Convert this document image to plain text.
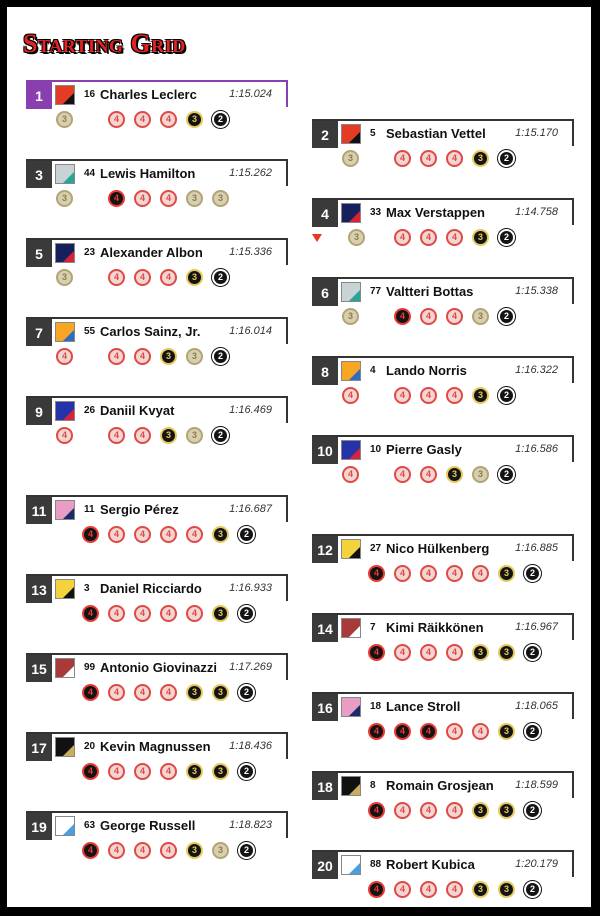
Starting Grid
1	16 Charles Leclerc	1:15.024
3	4	4	4	3	2
2	5 Sebastian Vettel	1:15.170
3	4	4	4	3	2
3	44 Lewis Hamilton	1:15.262
3	4	4	4	3	3
4	33 Max Verstappen	1:14.758
3	4	4	4	3	2
5	23 Alexander Albon 1:15.336
3	4	4	4	3	2
6	77 Valtteri Bottas	1:15.338
3	4	4	4	3	2
7	55 Carlos Sainz, Jr.	1:16.014
4	4	4	3	3	2
8	4 Lando Norris	1:16.322
4	4	4	4	3	2
9	26 Daniil Kvyat	1:16.469
4	4	4	3	3	2
10	10 Pierre Gasly	1:16.586
4	4	4	3	3	2
11	11 Sergio Pérez	1:16.687
4	4	4	4	4	3	2
12	27 Nico Hülkenberg 1:16.885
4	4	4	4	4	3	2
13	3 Daniel Ricciardo 1:16.933
4	4	4	4	4	3	2
14	7 Kimi Räikkönen	1:16.967
4	4	4	4	3	3	2
15	99 Antonio Giovinazzi 1:17.269
4	4	4	4	3	3	2
16	18 Lance Stroll	1:18.065
4	4	4	4	4	3	2
17	20 Kevin Magnussen 1:18.436
4	4	4	4	3	3	2
18	8 Romain Grosjean 1:18.599
4	4	4	4	3	3	2
19	63 George Russell	1:18.823
4	4	4	4	3	3	2
20	88 Robert Kubica	1:20.179
4	4	4	4	3	3	2
